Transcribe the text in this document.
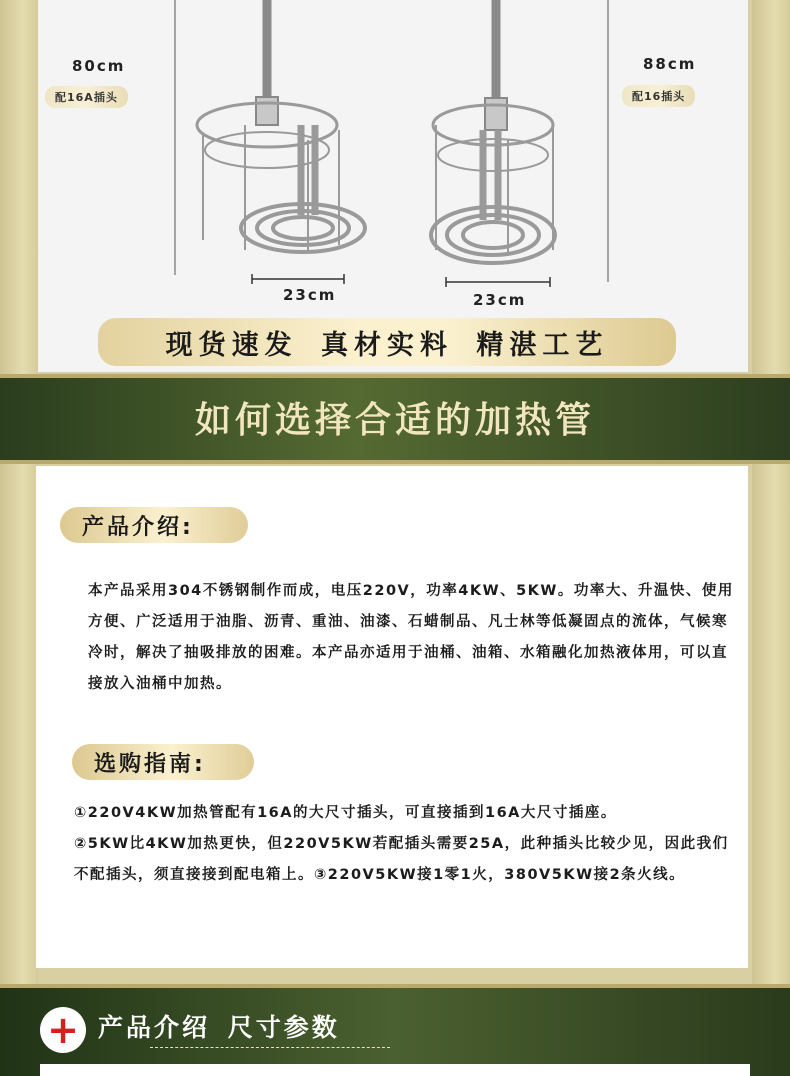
80cm
配16A插头
88cm
配16插头
23cm	23cm
现货速发 真材实料 精湛工艺
如何选择合适的加热管
产品介绍:
本产品采用304不锈钢制作而成，电压220V，功率4KW、5KW。功率大、升温快、使用方便、广泛适用于油脂、沥青、重油、油漆、石蜡制品、凡士林等低凝固点的流体，气候寒冷时，解决了抽吸排放的困难。本产品亦适用于油桶、油箱、水箱融化加热液体用，可以直接放入油桶中加热。
选购指南:
①220V4KW加热管配有16A的大尺寸插头，可直接插到16A大尺寸插座。
②5KW比4KW加热更快，但220V5KW若配插头需要25A，此种插头比较少见，因此我们不配插头，须直接接到配电箱上。③220V5KW接1零1火，380V5KW接2条火线。
+ 产品介绍 尺寸参数
